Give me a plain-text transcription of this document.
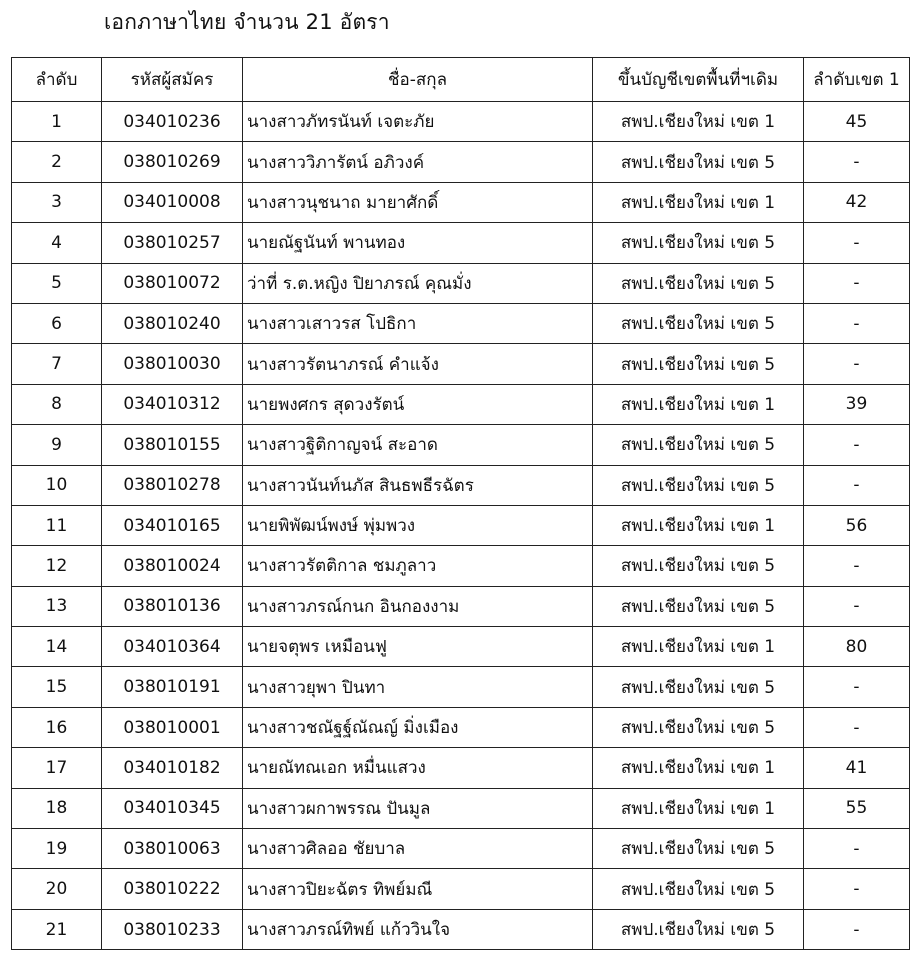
เอกภาษาไทย จำนวน 21 อัตรา
ลำดับ	รหัสผู้สมัคร	ชื่อ-สกุล	ขึ้นบัญชีเขตพื้นที่ฯเดิม	ลำดับเขต 1
1	034010236	นางสาวภัทรนันท์ เจตะภัย	สพป.เชียงใหม่ เขต 1	45
2	038010269	นางสาววิภารัตน์ อภิวงค์	สพป.เชียงใหม่ เขต 5	-
3	034010008	นางสาวนุชนาถ มายาศักดิ์	สพป.เชียงใหม่ เขต 1	42
4	038010257	นายณัฐนันท์ พานทอง	สพป.เชียงใหม่ เขต 5	-
5	038010072	ว่าที่ ร.ต.หญิง ปิยาภรณ์ คุณมั่ง	สพป.เชียงใหม่ เขต 5	-
6	038010240	นางสาวเสาวรส โปธิกา	สพป.เชียงใหม่ เขต 5	-
7	038010030	นางสาวรัตนาภรณ์ คำแจ้ง	สพป.เชียงใหม่ เขต 5	-
8	034010312	นายพงศกร สุดวงรัตน์	สพป.เชียงใหม่ เขต 1	39
9	038010155	นางสาวฐิติกาญจน์ สะอาด	สพป.เชียงใหม่ เขต 5	-
10	038010278	นางสาวนันท์นภัส สินธพธีรฉัตร	สพป.เชียงใหม่ เขต 5	-
11	034010165	นายพิพัฒน์พงษ์ พุ่มพวง	สพป.เชียงใหม่ เขต 1	56
12	038010024	นางสาวรัตติกาล ชมภูลาว	สพป.เชียงใหม่ เขต 5	-
13	038010136	นางสาวภรณ์กนก อินกองงาม	สพป.เชียงใหม่ เขต 5	-
14	034010364	นายจตุพร เหมือนฟู	สพป.เชียงใหม่ เขต 1	80
15	038010191	นางสาวยุพา ปินทา	สพป.เชียงใหม่ เขต 5	-
16	038010001	นางสาวชณัฐฐ์ณัณญ์ มิ่งเมือง	สพป.เชียงใหม่ เขต 5	-
17	034010182	นายณัทณเอก หมื่นแสวง	สพป.เชียงใหม่ เขต 1	41
18	034010345	นางสาวผกาพรรณ ปันมูล	สพป.เชียงใหม่ เขต 1	55
19	038010063	นางสาวศิลออ ชัยบาล	สพป.เชียงใหม่ เขต 5	-
20	038010222	นางสาวปิยะฉัตร ทิพย์มณี	สพป.เชียงใหม่ เขต 5	-
21	038010233	นางสาวภรณ์ทิพย์ แก้ววินใจ	สพป.เชียงใหม่ เขต 5	-
